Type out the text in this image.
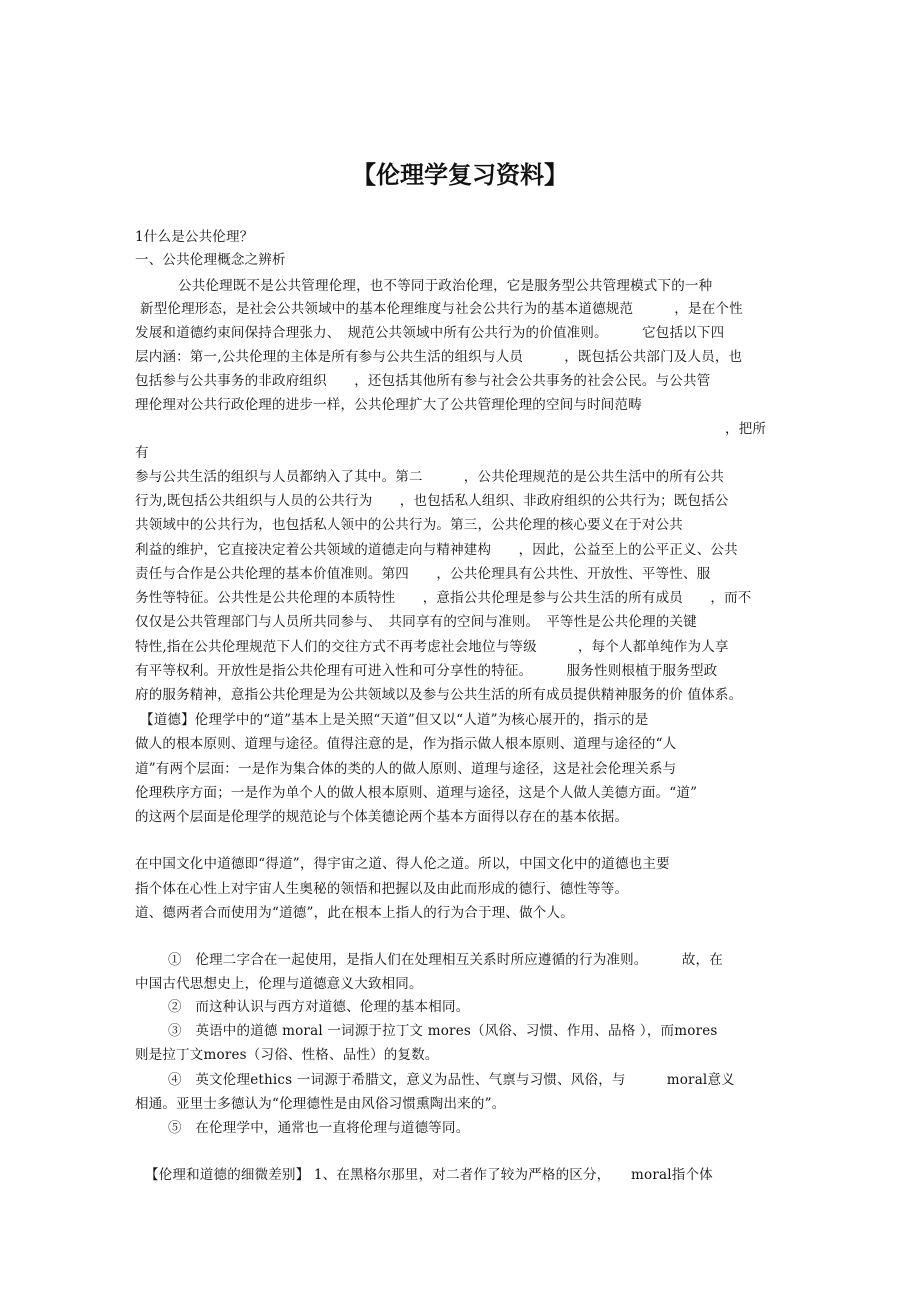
【伦理学复习资料】
1什么是公共伦理？
一、公共伦理概念之辨析
公共伦理既不是公共管理伦理，也不等同于政治伦理，它是服务型公共管理模式下的一种
新型伦理形态，是社会公共领域中的基本伦理维度与社会公共行为的基本道德规范　　　，是在个性
发展和道德约束间保持合理张力、　规范公共领域中所有公共行为的价值准则。　　　它包括以下四
层内涵：第一,公共伦理的主体是所有参与公共生活的组织与人员　　　，既包括公共部门及人员，也
包括参与公共事务的非政府组织　　，还包括其他所有参与社会公共事务的社会公民。与公共管
理伦理对公共行政伦理的进步一样，公共伦理扩大了公共管理伦理的空间与时间范畴
，把所
有
参与公共生活的组织与人员都纳入了其中。第二　　　，公共伦理规范的是公共生活中的所有公共
行为,既包括公共组织与人员的公共行为　　，也包括私人组织、非政府组织的公共行为；既包括公
共领域中的公共行为，也包括私人领中的公共行为。第三，公共伦理的核心要义在于对公共
利益的维护，它直接决定着公共领域的道德走向与精神建构　　，因此，公益至上的公平正义、公共
责任与合作是公共伦理的基本价值准则。第四　　，公共伦理具有公共性、开放性、平等性、服
务性等特征。公共性是公共伦理的本质特性　　，意指公共伦理是参与公共生活的所有成员　　，而不
仅仅是公共管理部门与人员所共同参与、　共同享有的空间与准则。　平等性是公共伦理的关键
特性,指在公共伦理规范下人们的交往方式不再考虑社会地位与等级　　　，每个人都单纯作为人享
有平等权利。开放性是指公共伦理有可进入性和可分享性的特征。　　　服务性则根植于服务型政
府的服务精神，意指公共伦理是为公共领域以及参与公共生活的所有成员提供精神服务的价 值体系。
【道德】伦理学中的“道”基本上是关照“天道”但又以“人道”为核心展开的，指示的是
做人的根本原则、道理与途径。值得注意的是，作为指示做人根本原则、道理与途径的“人
道”有两个层面：一是作为集合体的类的人的做人原则、道理与途径，这是社会伦理关系与
伦理秩序方面；一是作为单个人的做人根本原则、道理与途径，这是个人做人美德方面。“道”
的这两个层面是伦理学的规范论与个体美德论两个基本方面得以存在的基本依据。
在中国文化中道德即“得道”，得宇宙之道、得人伦之道。所以，中国文化中的道德也主要
指个体在心性上对宇宙人生奥秘的领悟和把握以及由此而形成的德行、德性等等。
道、德两者合而使用为“道德”，此在根本上指人的行为合于理、做个人。
①　伦理二字合在一起使用，是指人们在处理相互关系时所应遵循的行为准则。　　　故，在
中国古代思想史上，伦理与道德意义大致相同。
②　而这种认识与西方对道德、伦理的基本相同。
③　英语中的道德 moral 一词源于拉丁文 mores（风俗、习惯、作用、品格 ），而mores
则是拉丁文mores（习俗、性格、品性）的复数。
④　英文伦理ethics 一词源于希腊文，意义为品性、气禀与习惯、风俗，与　　　moral意义
相通。亚里士多德认为“伦理德性是由风俗习惯熏陶出来的”。
⑤　在伦理学中，通常也一直将伦理与道德等同。
【伦理和道德的细微差别】 1、在黑格尔那里，对二者作了较为严格的区分，　　moral指个体
